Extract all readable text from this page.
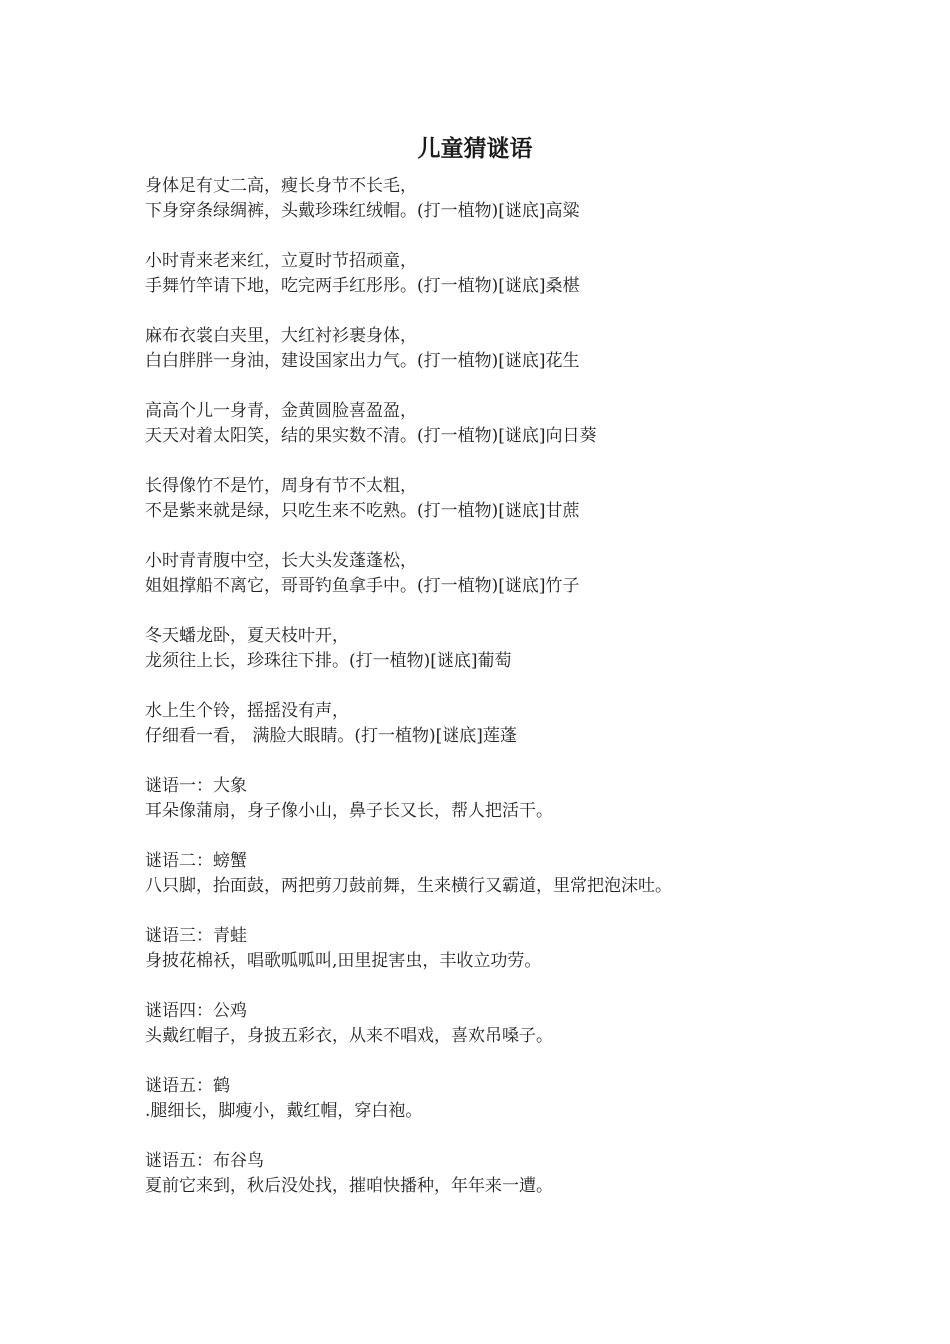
儿童猜谜语
身体足有丈二高，瘦长身节不长毛，
下身穿条绿绸裤，头戴珍珠红绒帽。(打一植物)[谜底]高粱
小时青来老来红，立夏时节招顽童，
手舞竹竿请下地，吃完两手红彤彤。(打一植物)[谜底]桑椹
麻布衣裳白夹里，大红衬衫裹身体，
白白胖胖一身油，建设国家出力气。(打一植物)[谜底]花生
高高个儿一身青，金黄圆脸喜盈盈，
天天对着太阳笑，结的果实数不清。(打一植物)[谜底]向日葵
长得像竹不是竹，周身有节不太粗，
不是紫来就是绿，只吃生来不吃熟。(打一植物)[谜底]甘蔗
小时青青腹中空，长大头发蓬蓬松，
姐姐撑船不离它，哥哥钓鱼拿手中。(打一植物)[谜底]竹子
冬天蟠龙卧，夏天枝叶开，
龙须往上长，珍珠往下排。(打一植物)[谜底]葡萄
水上生个铃，摇摇没有声，
仔细看一看， 满脸大眼睛。(打一植物)[谜底]莲蓬
谜语一：大象
耳朵像蒲扇，身子像小山，鼻子长又长，帮人把活干。
谜语二：螃蟹
八只脚，抬面鼓，两把剪刀鼓前舞，生来横行又霸道，里常把泡沫吐。
谜语三：青蛙
身披花棉袄，唱歌呱呱叫,田里捉害虫，丰收立功劳。
谜语四：公鸡
头戴红帽子，身披五彩衣，从来不唱戏，喜欢吊嗓子。
谜语五：鹤
.腿细长，脚瘦小，戴红帽，穿白袍。
谜语五：布谷鸟
夏前它来到，秋后没处找，摧咱快播种，年年来一遭。
